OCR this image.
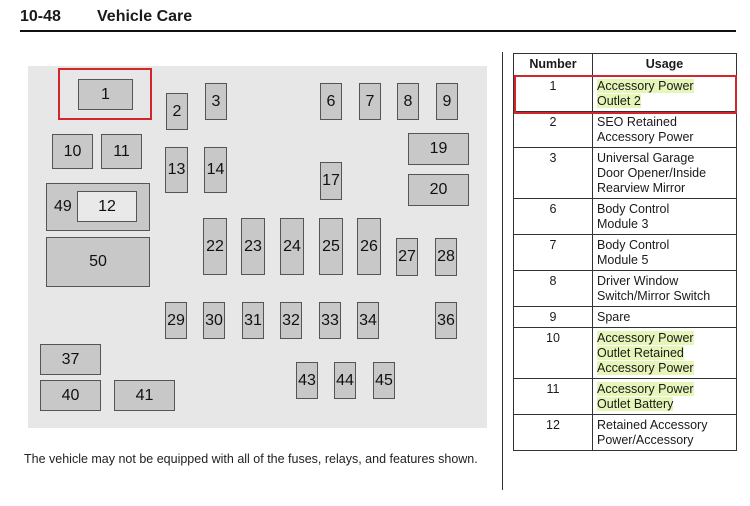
10-48 Vehicle Care
1
2
3	6 7 8 9
10 11
13 14
19
17
20
49 12
50
22 23 24 25 26
27 28
29 30 31 32 33 34	36
37
40	41
43 44 45
The vehicle may not be equipped with all of the fuses, relays, and features shown.
Number	Usage
1	Accessory Power
Outlet 2
2	SEO Retained
Accessory Power
3	Universal Garage
Door Opener/Inside
Rearview Mirror
6	Body Control
Module 3
7	Body Control
Module 5
8	Driver Window
Switch/Mirror Switch
9	Spare
10	Accessory Power
Outlet Retained
Accessory Power
11	Accessory Power
Outlet Battery
12	Retained Accessory
Power/Accessory
